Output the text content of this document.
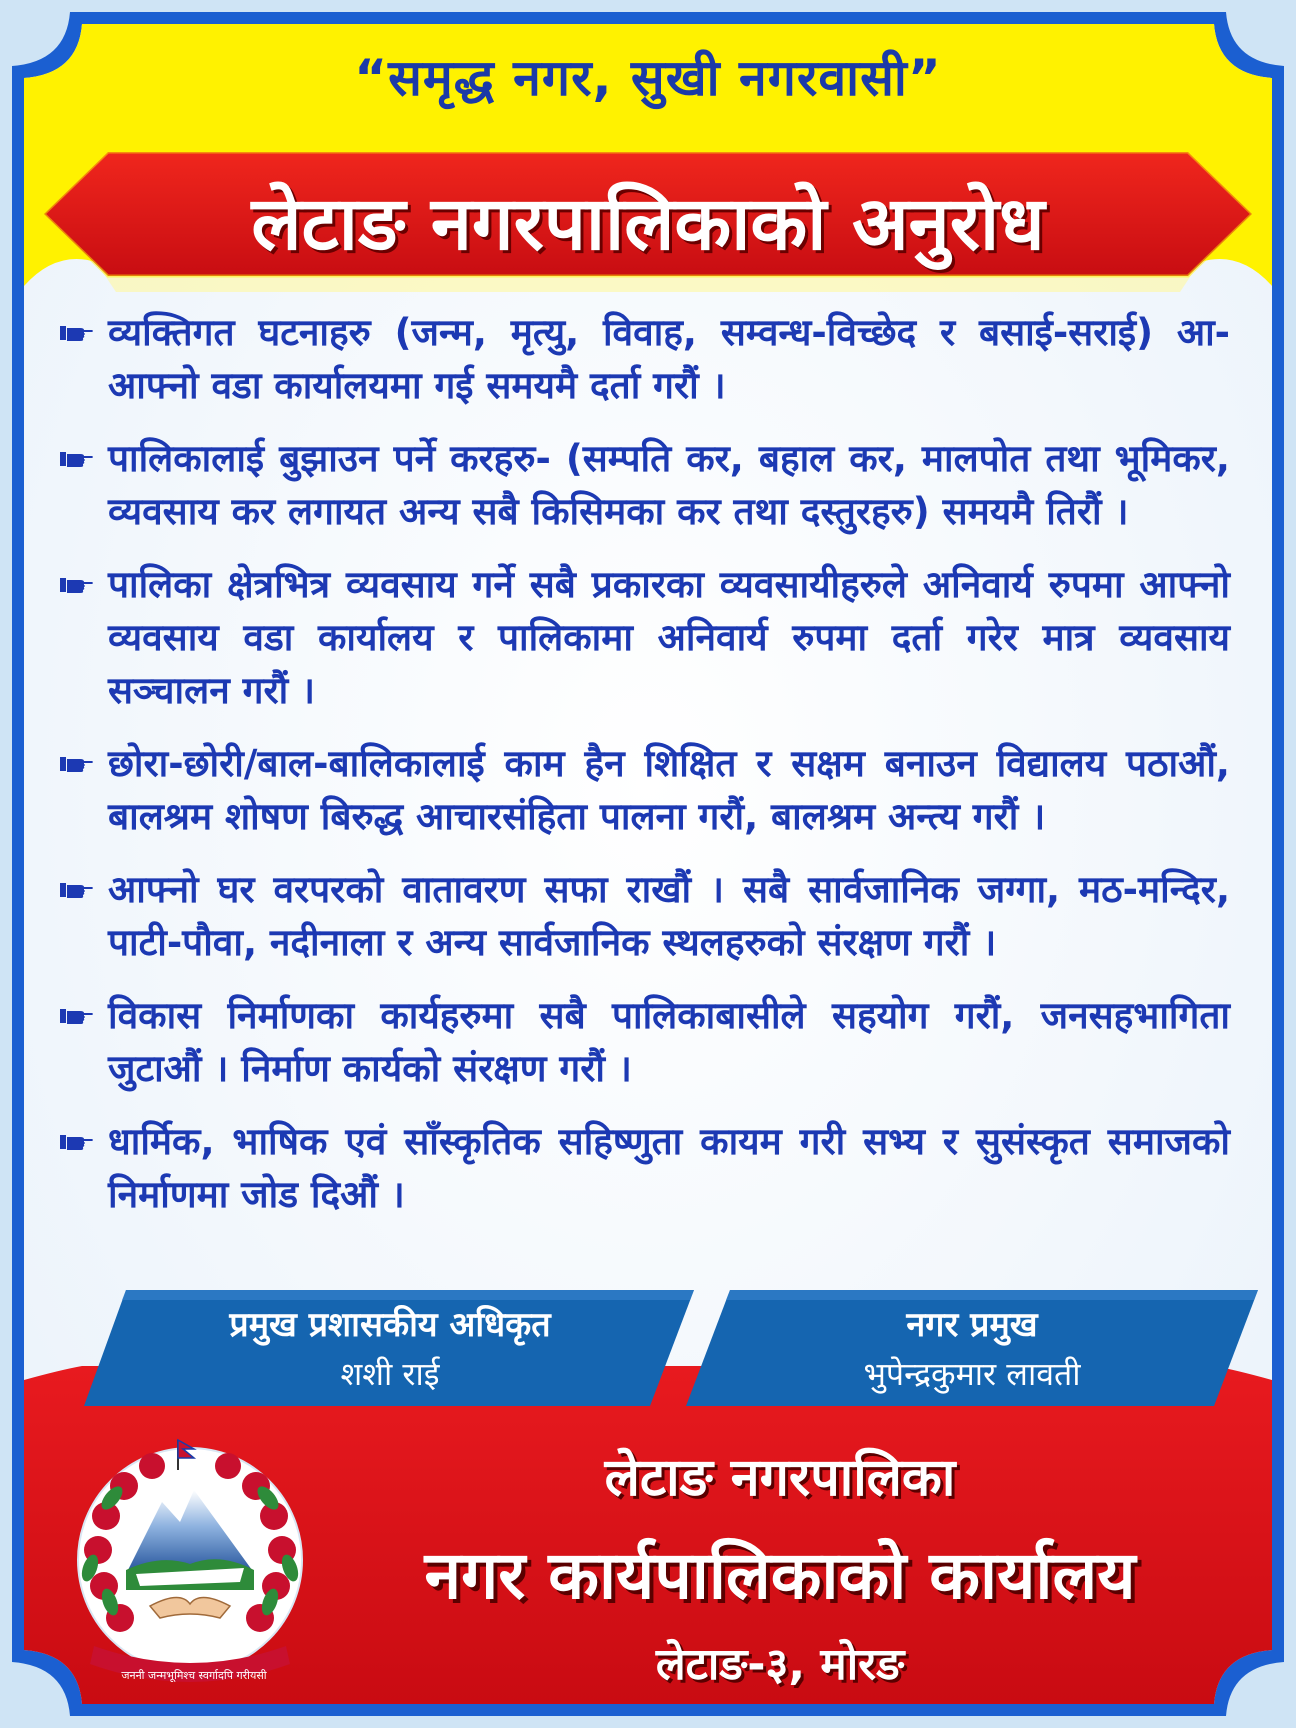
“समृद्ध नगर, सुखी नगरवासी”
लेटाङ नगरपालिकाको अनुरोध
व्यक्तिगत घटनाहरु (जन्म, मृत्यु, विवाह, सम्वन्ध-विच्छेद र बसाई-सराई) आ-आफ्नो वडा कार्यालयमा गई समयमै दर्ता गरौं ।
पालिकालाई बुझाउन पर्ने करहरु- (सम्पति कर, बहाल कर, मालपोत तथा भूमिकर, व्यवसाय कर लगायत अन्य सबै किसिमका कर तथा दस्तुरहरु) समयमै तिरौं ।
पालिका क्षेत्रभित्र व्यवसाय गर्ने सबै प्रकारका व्यवसायीहरुले अनिवार्य रुपमा आफ्नो व्यवसाय वडा कार्यालय र पालिकामा अनिवार्य रुपमा दर्ता गरेर मात्र व्यवसाय सञ्चालन गरौं ।
छोरा-छोरी/बाल-बालिकालाई काम हैन शिक्षित र सक्षम बनाउन विद्यालय पठाऔं, बालश्रम शोषण बिरुद्ध आचारसंहिता पालना गरौं, बालश्रम अन्त्य गरौं ।
आफ्नो घर वरपरको वातावरण सफा राखौं । सबै सार्वजानिक जग्गा, मठ-मन्दिर, पाटी-पौवा, नदीनाला र अन्य सार्वजानिक स्थलहरुको संरक्षण गरौं ।
विकास निर्माणका कार्यहरुमा सबै पालिकाबासीले सहयोग गरौं, जनसहभागिता जुटाऔं । निर्माण कार्यको संरक्षण गरौं ।
धार्मिक, भाषिक एवं साँस्कृतिक सहिष्णुता कायम गरी सभ्य र सुसंस्कृत समाजको निर्माणमा जोड दिऔं ।
प्रमुख प्रशासकीय अधिकृत
शशी राई
नगर प्रमुख
भुपेन्द्रकुमार लावती
लेटाङ नगरपालिका
नगर कार्यपालिकाको कार्यालय
लेटाङ-३, मोरङ
जननी जन्मभूमिश्च स्वर्गादपि गरीयसी
